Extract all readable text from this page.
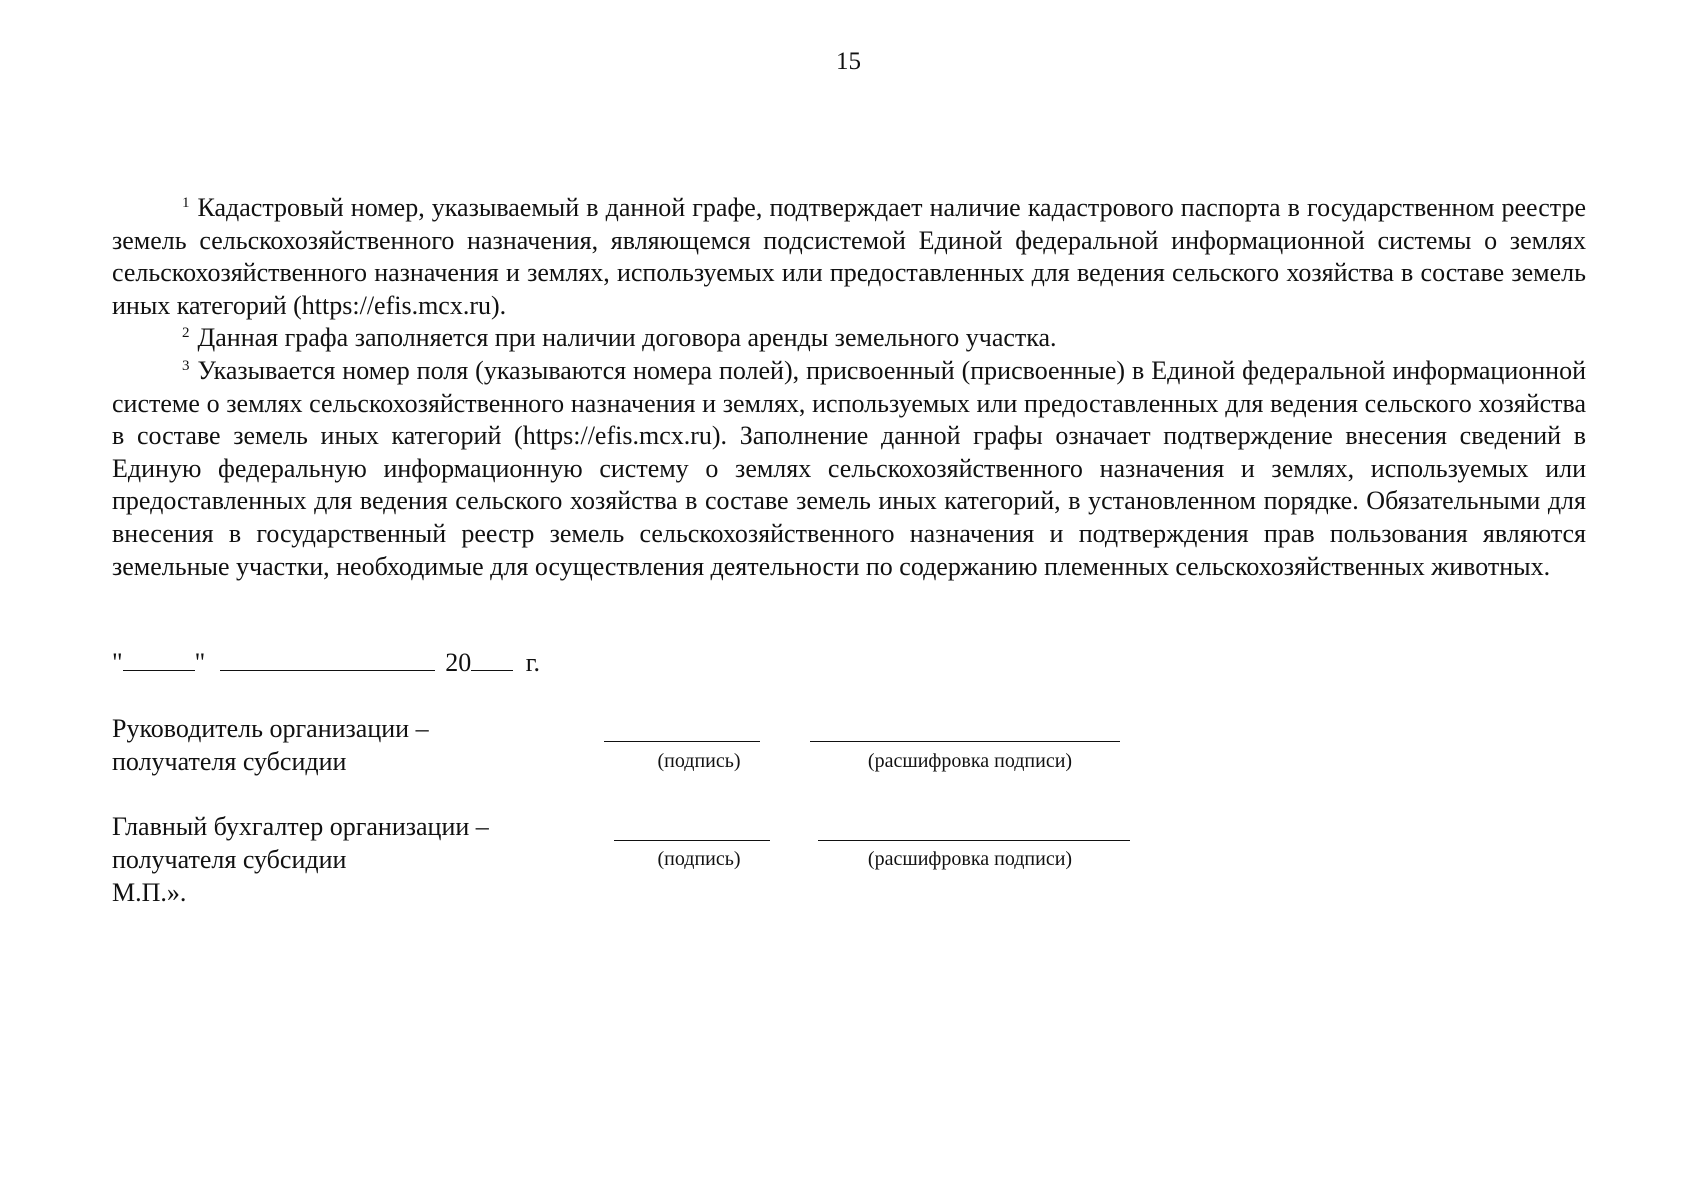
15

$^1$ Кадастровый номер, указываемый в данной графе, подтверждает наличие кадастрового паспорта в государственном реестре земель сельскохозяйственного назначения, являющемся подсистемой Единой федеральной информационной системы о землях сельскохозяйственного назначения и землях, используемых или предоставленных для ведения сельского хозяйства в составе земель иных категорий (https://efis.mcx.ru).

$^2$ Данная графа заполняется при наличии договора аренды земельного участка.

$^3$ Указывается номер поля (указываются номера полей), присвоенный (присвоенные) в Единой федеральной информационной системе о землях сельскохозяйственного назначения и землях, используемых или предоставленных для ведения сельского хозяйства в составе земель иных категорий (https://efis.mcx.ru). Заполнение данной графы означает подтверждение внесения сведений в Единую федеральную информационную систему о землях сельскохозяйственного назначения и землях, используемых или предоставленных для ведения сельского хозяйства в составе земель иных категорий, в установленном порядке. Обязательными для внесения в государственный реестр земель сельскохозяйственного назначения и подтверждения прав пользования являются земельные участки, необходимые для осуществления деятельности по содержанию племенных сельскохозяйственных животных.

"	"	20 г.
Руководитель организации –
получателя субсидии	(подпись)	(расшифровка подписи)
Главный бухгалтер организации –
получателя субсидии
М.П.».
(подпись)	(расшифровка подписи)
